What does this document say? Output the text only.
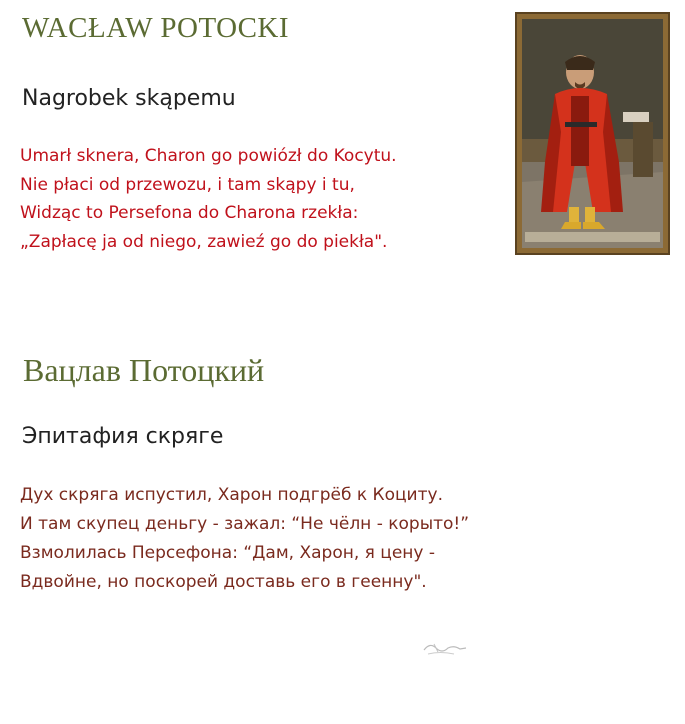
WACŁAW POTOCKI
Nagrobek skąpemu
Umarł sknera, Charon go powiózł do Kocytu.
Nie płaci od przewozu, i tam skąpy i tu,
Widząc to Persefona do Charona rzekła:
„Zapłacę ja od niego, zawieź go do piekła".
Вацлав Потоцкий
Эпитафия скряге
Дух скряга испустил, Харон подгрёб к Коциту.
И там скупец деньгу - зажал: “Не чёлн - корыто!”
Взмолилась Персефона: “Дам, Харон, я цену -
Вдвойне, но поскорей доставь его в геенну".
